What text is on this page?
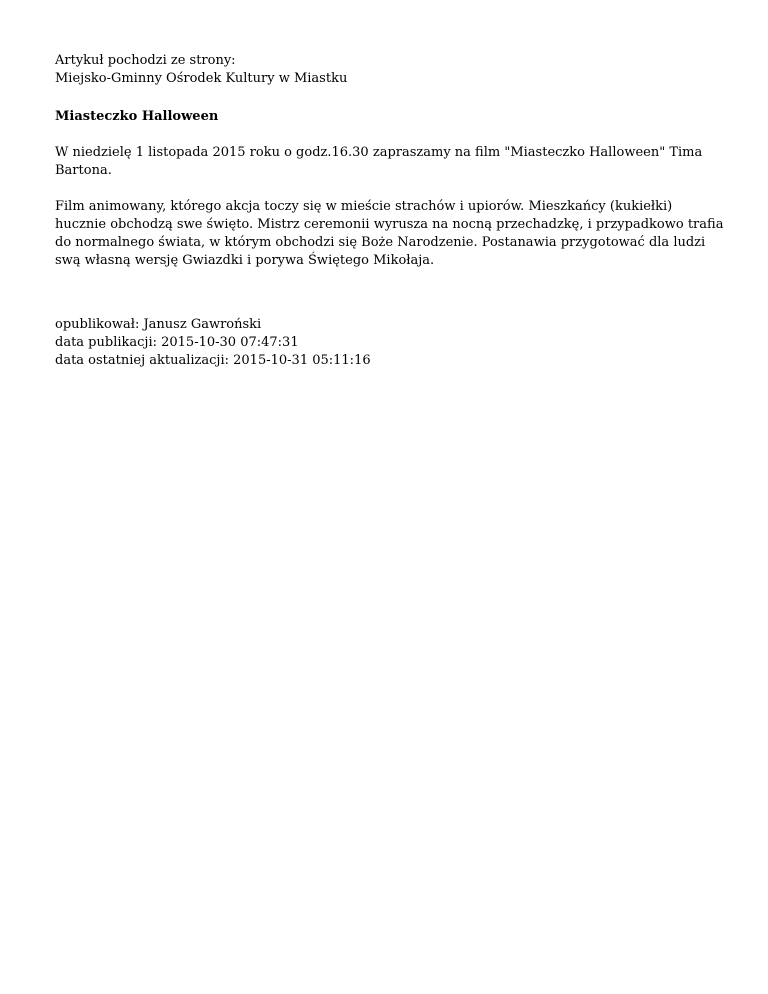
Artykuł pochodzi ze strony:
Miejsko-Gminny Ośrodek Kultury w Miastku
Miasteczko Halloween

W niedzielę 1 listopada 2015 roku o godz.16.30 zapraszamy na film "Miasteczko Halloween" Tima Bartona.

Film animowany, którego akcja toczy się w mieście strachów i upiorów. Mieszkańcy (kukiełki) hucznie obchodzą swe święto. Mistrz ceremonii wyrusza na nocną przechadzkę, i przypadkowo trafia do normalnego świata, w którym obchodzi się Boże Narodzenie. Postanawia przygotować dla ludzi swą własną wersję Gwiazdki i porywa Świętego Mikołaja.

opublikował: Janusz Gawroński
data publikacji: 2015-10-30 07:47:31
data ostatniej aktualizacji: 2015-10-31 05:11:16
